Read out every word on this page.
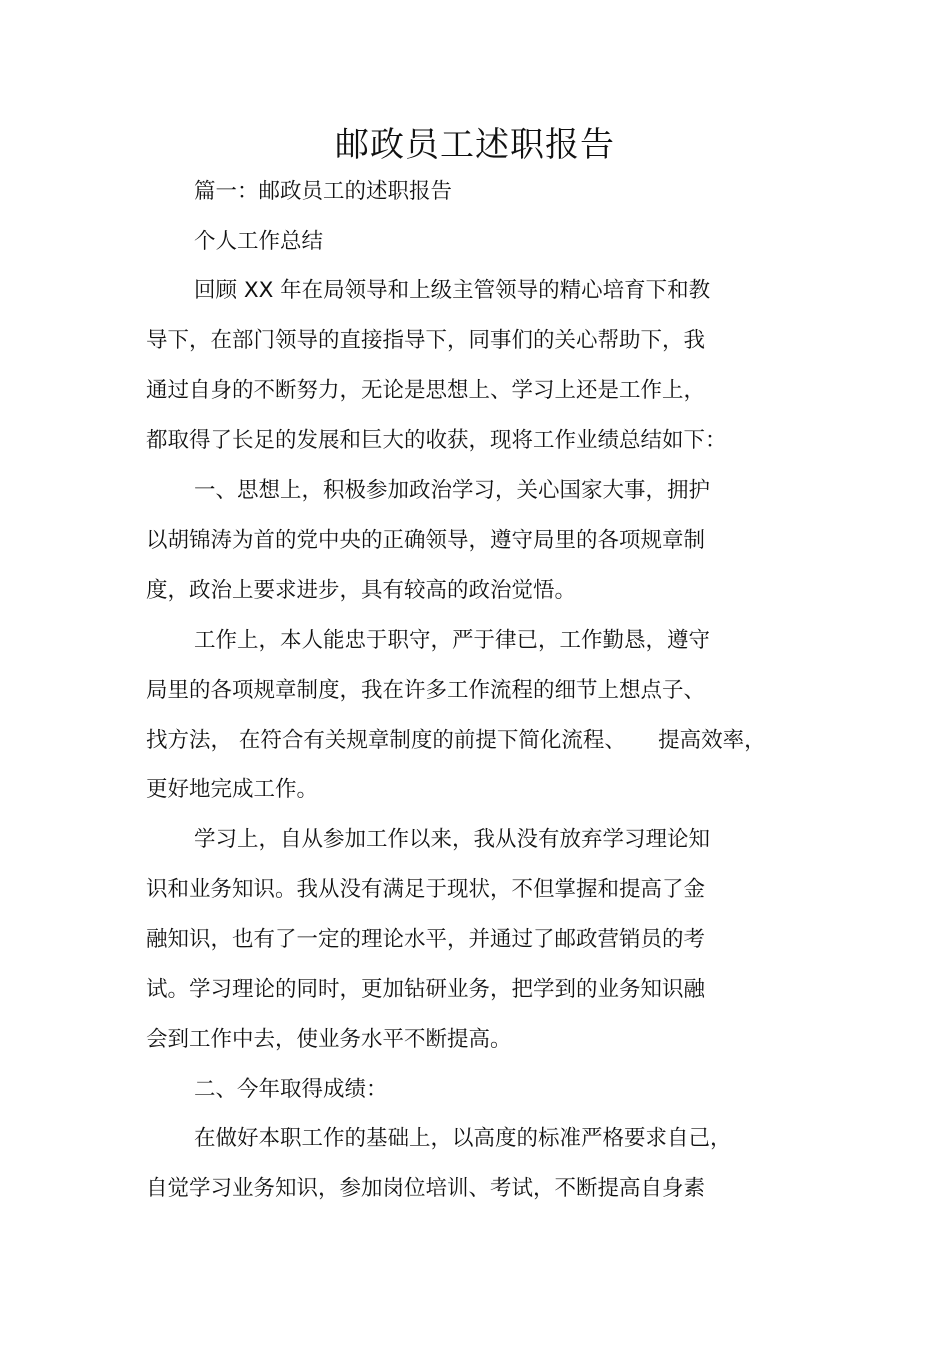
邮政员工述职报告
篇一：邮政员工的述职报告
个人工作总结
回顾 XX 年在局领导和上级主管领导的精心培育下和教
导下，在部门领导的直接指导下，同事们的关心帮助下，我
通过自身的不断努力，无论是思想上、学习上还是工作上，
都取得了长足的发展和巨大的收获，现将工作业绩总结如下：
一、思想上，积极参加政治学习，关心国家大事，拥护
以胡锦涛为首的党中央的正确领导，遵守局里的各项规章制
度，政治上要求进步，具有较高的政治觉悟。
工作上，本人能忠于职守，严于律已，工作勤恳，遵守
局里的各项规章制度，我在许多工作流程的细节上想点子、
找方法， 在符合有关规章制度的前提下简化流程、　　提高效率，
更好地完成工作。
学习上，自从参加工作以来，我从没有放弃学习理论知
识和业务知识。我从没有满足于现状，不但掌握和提高了金
融知识，也有了一定的理论水平，并通过了邮政营销员的考
试。学习理论的同时，更加钻研业务，把学到的业务知识融
会到工作中去，使业务水平不断提高。
二、今年取得成绩：
在做好本职工作的基础上，以高度的标准严格要求自己，
自觉学习业务知识，参加岗位培训、考试，不断提高自身素
